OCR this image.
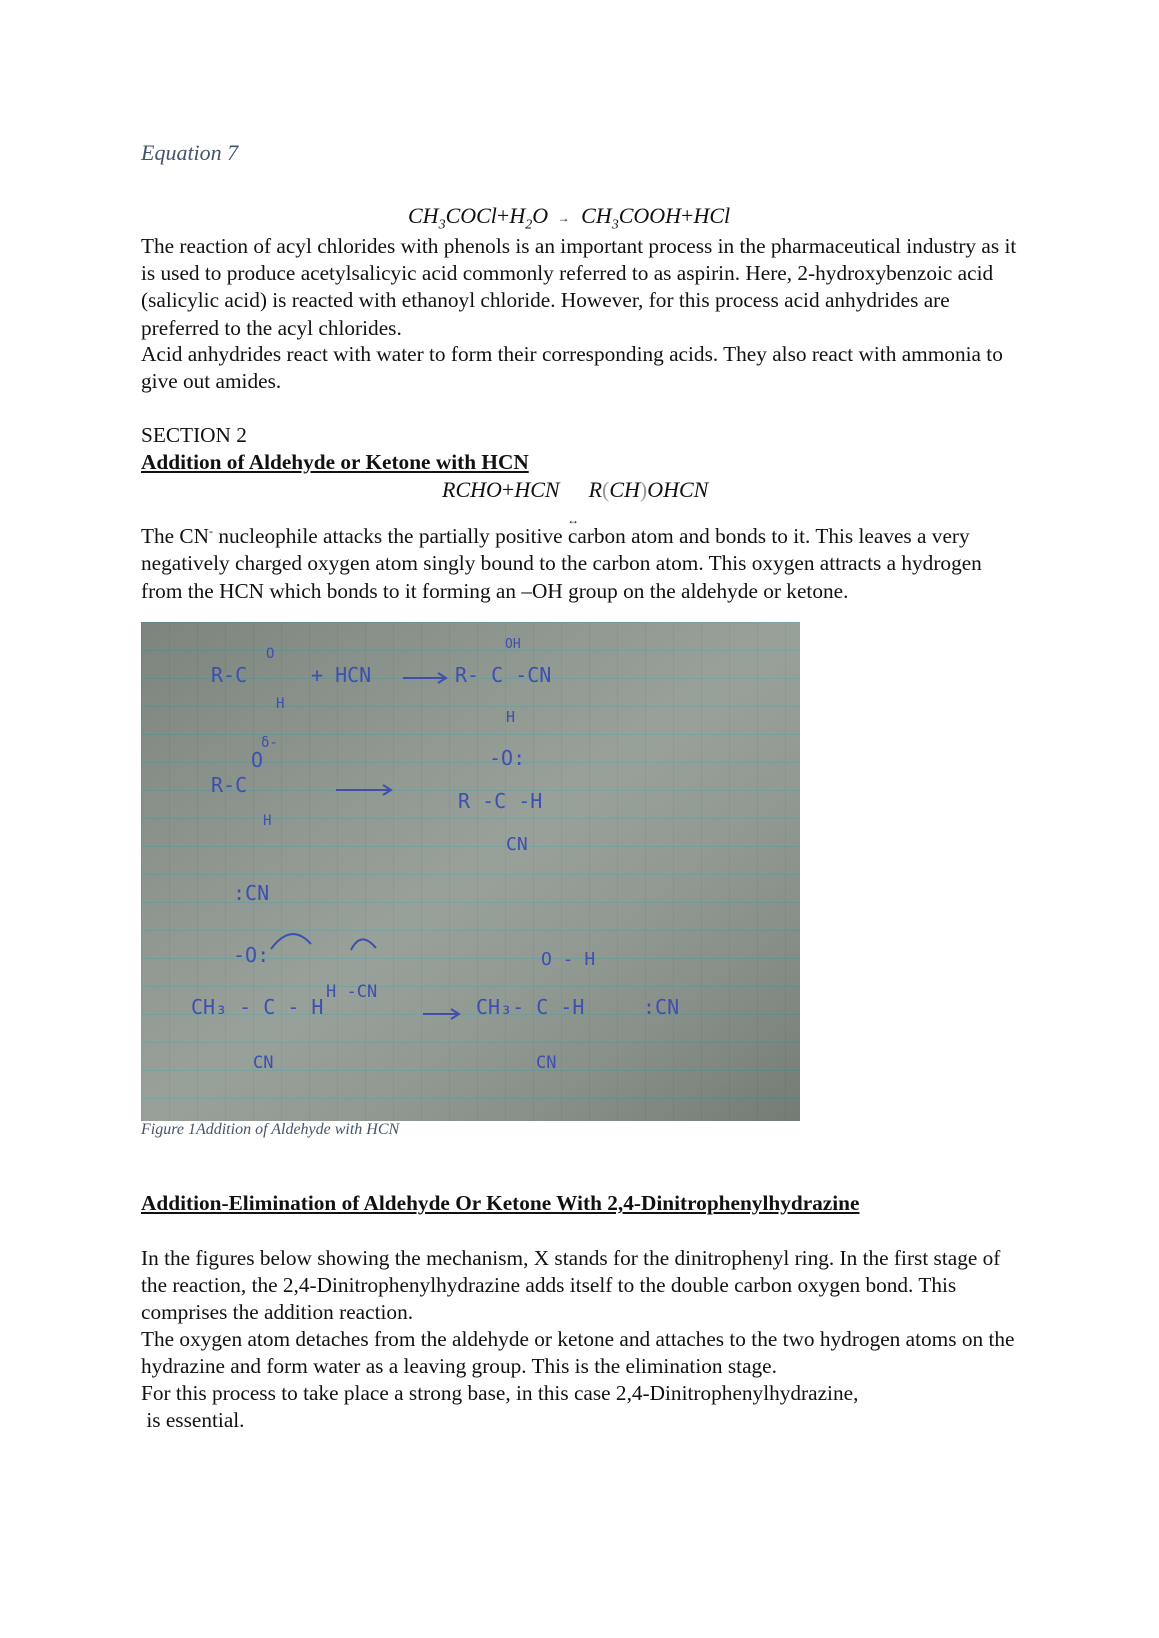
Equation 7
$CH_3COCl+H_2O$ → $CH_3COOH+HCl$
The reaction of acyl chlorides with phenols is an important process in the pharmaceutical industry as it is used to produce acetylsalicyic acid commonly referred to as aspirin. Here, 2-hydroxybenzoic acid (salicylic acid) is reacted with ethanoyl chloride. However, for this process acid anhydrides are preferred to the acyl chlorides.
Acid anhydrides react with water to form their corresponding acids. They also react with ammonia to give out amides.
SECTION 2
Addition of Aldehyde or Ketone with HCN
RCHO+HCN
↔
R(CH)OHCN
The CN- nucleophile attacks the partially positive carbon atom and bonds to it. This leaves a very negatively charged oxygen atom singly bound to the carbon atom. This oxygen attracts a hydrogen from the HCN which bonds to it forming an –OH group on the aldehyde or ketone.
R-C
O
H
+ HCN
OH
R- C -CN
H
δ-
O
R-C
H
-O:
R -C -H
CN
:CN
-O:
CH₃ - C - H
H -CN
CN
O - H
CH₃- C -H
CN
:CN
Figure 1Addition of Aldehyde with HCN
Addition-Elimination of Aldehyde Or Ketone With 2,4-Dinitrophenylhydrazine
In the figures below showing the mechanism, X stands for the dinitrophenyl ring. In the first stage of the reaction, the 2,4-Dinitrophenylhydrazine adds itself to the double carbon oxygen bond. This comprises the addition reaction.
The oxygen atom detaches from the aldehyde or ketone and attaches to the two hydrogen atoms on the hydrazine and form water as a leaving group. This is the elimination stage.
For this process to take place a strong base, in this case 2,4-Dinitrophenylhydrazine,
is essential.
